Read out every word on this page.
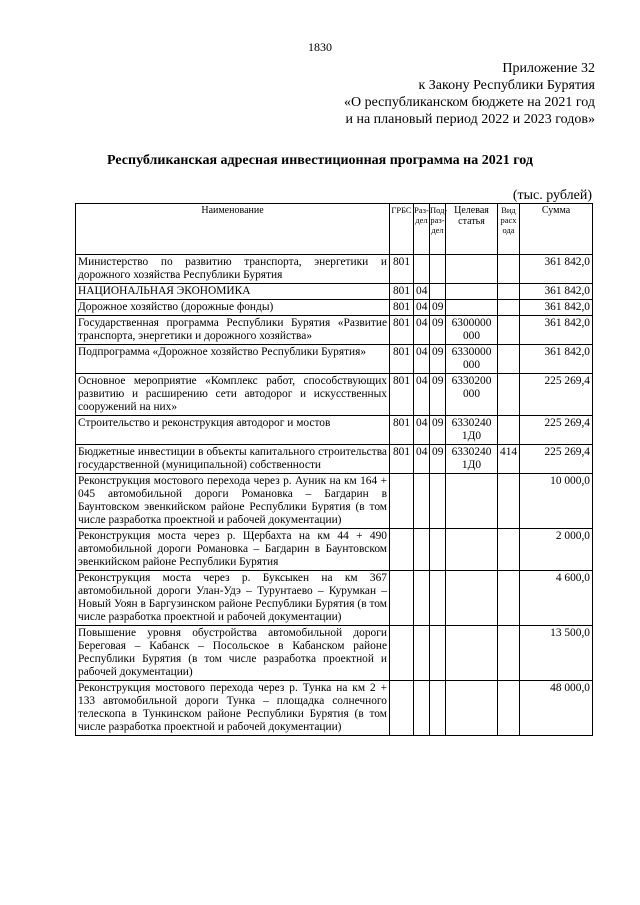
1830
Приложение 32
к Закону Республики Бурятия
«О республиканском бюджете на 2021 год
и на плановый период 2022 и 2023 годов»
Республиканская адресная инвестиционная программа на 2021 год
(тыс. рублей)
Наименование	ГРБС	Раз-дел	Под-раз-дел	Целевая статья	Вид расх ода	Сумма
Министерство по развитию транспорта, энергетики и дорожного хозяйства Республики Бурятия	801					361 842,0
НАЦИОНАЛЬНАЯ ЭКОНОМИКА	801	04				361 842,0
Дорожное хозяйство (дорожные фонды)	801	04	09			361 842,0
Государственная программа Республики Бурятия «Развитие транспорта, энергетики и дорожного хозяйства»	801	04	09	6300000 000		361 842,0
Подпрограмма «Дорожное хозяйство Республики Бурятия»	801	04	09	6330000 000		361 842,0
Основное мероприятие «Комплекс работ, способствующих развитию и расширению сети автодорог и искусственных сооружений на них»	801	04	09	6330200 000		225 269,4
Строительство и реконструкция автодорог и мостов	801	04	09	6330240 1Д0		225 269,4
Бюджетные инвестиции в объекты капитального строительства государственной (муниципальной) собственности	801	04	09	6330240 1Д0	414	225 269,4
Реконструкция мостового перехода через р. Ауник на км 164 + 045 автомобильной дороги Романовка – Багдарин в Баунтовском эвенкийском районе Республики Бурятия (в том числе разработка проектной и рабочей документации)						10 000,0
Реконструкция моста через р. Щербахта на км 44 + 490 автомобильной дороги Романовка – Багдарин в Баунтовском эвенкийском районе Республики Бурятия						2 000,0
Реконструкция моста через р. Буксыкен на км 367 автомобильной дороги Улан-Удэ – Турунтаево – Курумкан – Новый Уоян в Баргузинском районе Республики Бурятия (в том числе разработка проектной и рабочей документации)						4 600,0
Повышение уровня обустройства автомобильной дороги Береговая – Кабанск – Посольское в Кабанском районе Республики Бурятия (в том числе разработка проектной и рабочей документации)						13 500,0
Реконструкция мостового перехода через р. Тунка на км 2 + 133 автомобильной дороги Тунка – площадка солнечного телескопа в Тункинском районе Республики Бурятия (в том числе разработка проектной и рабочей документации)						48 000,0
